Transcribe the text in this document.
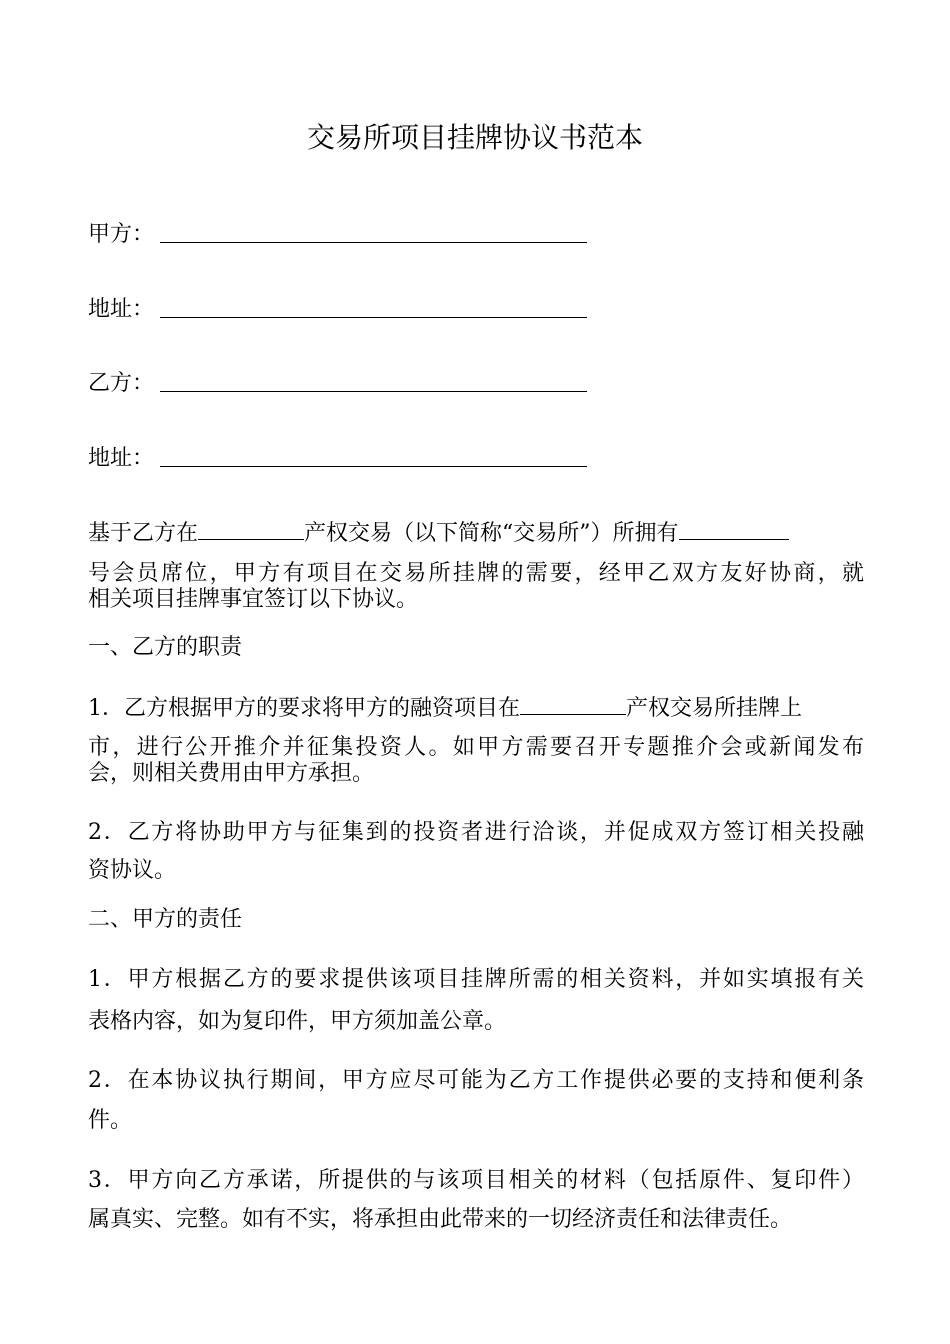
交易所项目挂牌协议书范本
甲方：
地址：
乙方：
地址：
基于乙方在	产权交易（以下简称“交易所”）所拥有
号会员席位，甲方有项目在交易所挂牌的需要，经甲乙双方友好协商，就
相关项目挂牌事宜签订以下协议。
一、乙方的职责
1．乙方根据甲方的要求将甲方的融资项目在	产权交易所挂牌上
市，进行公开推介并征集投资人。如甲方需要召开专题推介会或新闻发布
会，则相关费用由甲方承担。
2．乙方将协助甲方与征集到的投资者进行洽谈，并促成双方签订相关投融
资协议。
二、甲方的责任
1．甲方根据乙方的要求提供该项目挂牌所需的相关资料，并如实填报有关
表格内容，如为复印件，甲方须加盖公章。
2．在本协议执行期间，甲方应尽可能为乙方工作提供必要的支持和便利条
件。
3．甲方向乙方承诺，所提供的与该项目相关的材料（包括原件、复印件）
属真实、完整。如有不实，将承担由此带来的一切经济责任和法律责任。
